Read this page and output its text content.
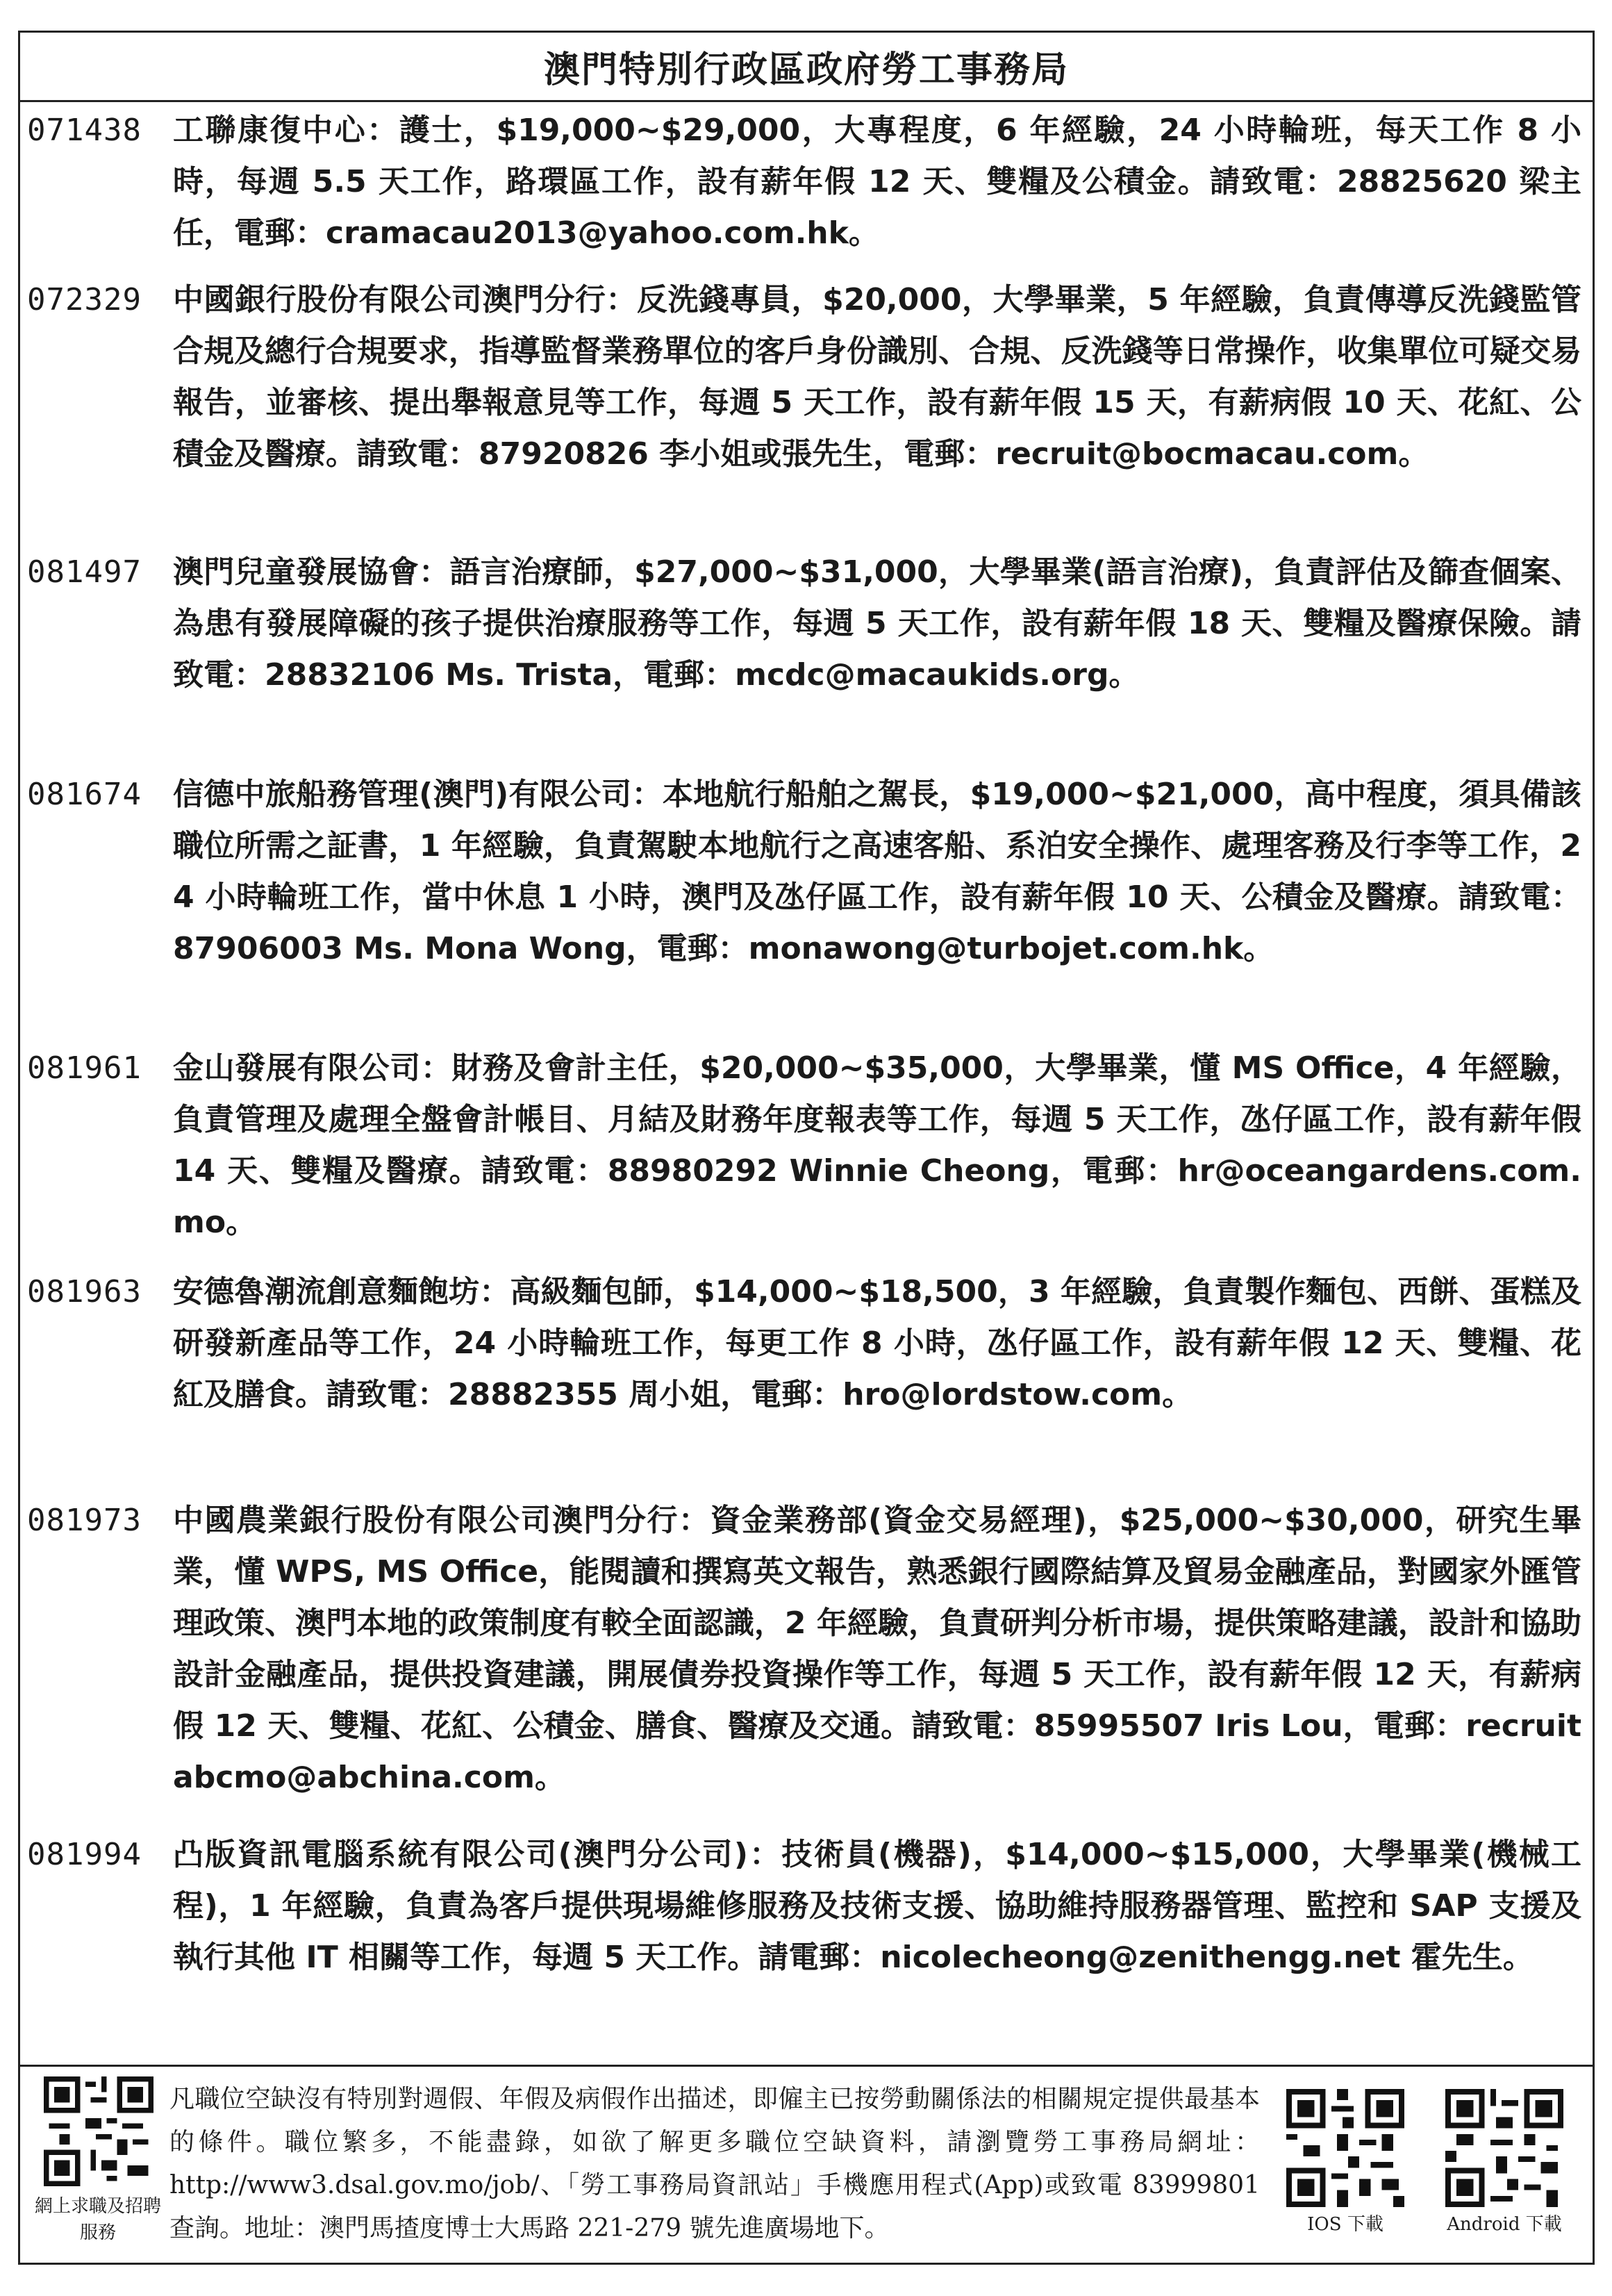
澳門特別行政區政府勞工事務局
071438	工聯康復中心：護士，$19,000~$29,000，大專程度，6 年經驗，24 小時輪班，每天工作 8 小時，每週 5.5 天工作，路環區工作，設有薪年假 12 天、雙糧及公積金。請致電：28825620 梁主任，電郵：cramacau2013@yahoo.com.hk。
072329	中國銀行股份有限公司澳門分行：反洗錢專員，$20,000，大學畢業，5 年經驗，負責傳導反洗錢監管合規及總行合規要求，指導監督業務單位的客戶身份識別、合規、反洗錢等日常操作，收集單位可疑交易報告，並審核、提出舉報意見等工作，每週 5 天工作，設有薪年假 15 天，有薪病假 10 天、花紅、公積金及醫療。請致電：87920826 李小姐或張先生，電郵：recruit@bocmacau.com。
081497	澳門兒童發展協會：語言治療師，$27,000~$31,000，大學畢業(語言治療)，負責評估及篩查個案、為患有發展障礙的孩子提供治療服務等工作，每週 5 天工作，設有薪年假 18 天、雙糧及醫療保險。請致電：28832106 Ms. Trista，電郵：mcdc@macaukids.org。
081674	信德中旅船務管理(澳門)有限公司：本地航行船舶之駕長，$19,000~$21,000，高中程度，須具備該職位所需之証書，1 年經驗，負責駕駛本地航行之高速客船、系泊安全操作、處理客務及行李等工作，24 小時輪班工作，當中休息 1 小時，澳門及氹仔區工作，設有薪年假 10 天、公積金及醫療。請致電：87906003 Ms. Mona Wong，電郵：monawong@turbojet.com.hk。
081961	金山發展有限公司：財務及會計主任，$20,000~$35,000，大學畢業，懂 MS Office，4 年經驗，負責管理及處理全盤會計帳目、月結及財務年度報表等工作，每週 5 天工作，氹仔區工作，設有薪年假 14 天、雙糧及醫療。請致電：88980292 Winnie Cheong，電郵：hr@oceangardens.com.mo。
081963	安德魯潮流創意麵飽坊：高級麵包師，$14,000~$18,500，3 年經驗，負責製作麵包、西餅、蛋糕及研發新產品等工作，24 小時輪班工作，每更工作 8 小時，氹仔區工作，設有薪年假 12 天、雙糧、花紅及膳食。請致電：28882355 周小姐，電郵：hro@lordstow.com。
081973	中國農業銀行股份有限公司澳門分行：資金業務部(資金交易經理)，$25,000~$30,000，研究生畢業，懂 WPS, MS Office，能閱讀和撰寫英文報告，熟悉銀行國際結算及貿易金融產品，對國家外匯管理政策、澳門本地的政策制度有較全面認識，2 年經驗，負責研判分析市場，提供策略建議，設計和協助設計金融產品，提供投資建議，開展債券投資操作等工作，每週 5 天工作，設有薪年假 12 天，有薪病假 12 天、雙糧、花紅、公積金、膳食、醫療及交通。請致電：85995507 Iris Lou，電郵：recruitabcmo@abchina.com。
081994	凸版資訊電腦系統有限公司(澳門分公司)：技術員(機器)，$14,000~$15,000，大學畢業(機械工程)，1 年經驗，負責為客戶提供現場維修服務及技術支援、協助維持服務器管理、監控和 SAP 支援及執行其他 IT 相關等工作，每週 5 天工作。請電郵：nicolecheong@zenithengg.net 霍先生。
網上求職及招聘服務
凡職位空缺沒有特別對週假、年假及病假作出描述，即僱主已按勞動關係法的相關規定提供最基本的條件。職位繁多，不能盡錄，如欲了解更多職位空缺資料，請瀏覽勞工事務局網址：http://www3.dsal.gov.mo/job/、「勞工事務局資訊站」手機應用程式(App)或致電 83999801 查詢。地址：澳門馬揸度博士大馬路 221-279 號先進廣場地下。	IOS 下載	Android 下載
